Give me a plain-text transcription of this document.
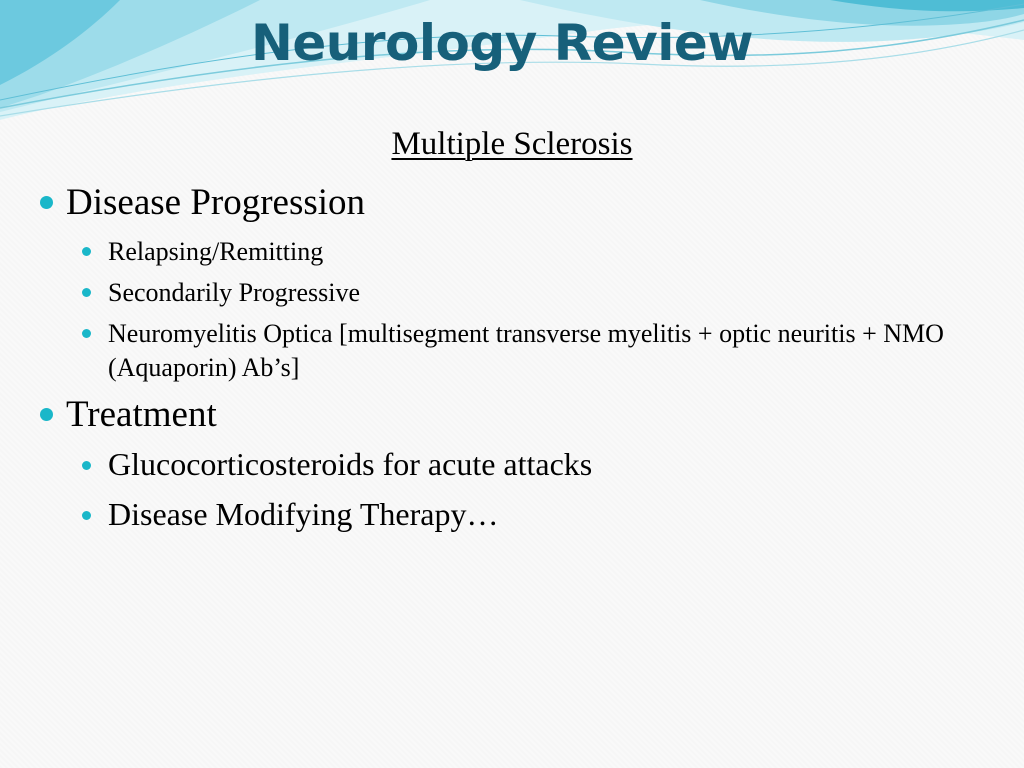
Neurology Review
Multiple Sclerosis
Disease Progression
Relapsing/Remitting
Secondarily Progressive
Neuromyelitis Optica [multisegment transverse myelitis + optic neuritis + NMO (Aquaporin) Ab’s]
Treatment
Glucocorticosteroids for acute attacks
Disease Modifying Therapy…
